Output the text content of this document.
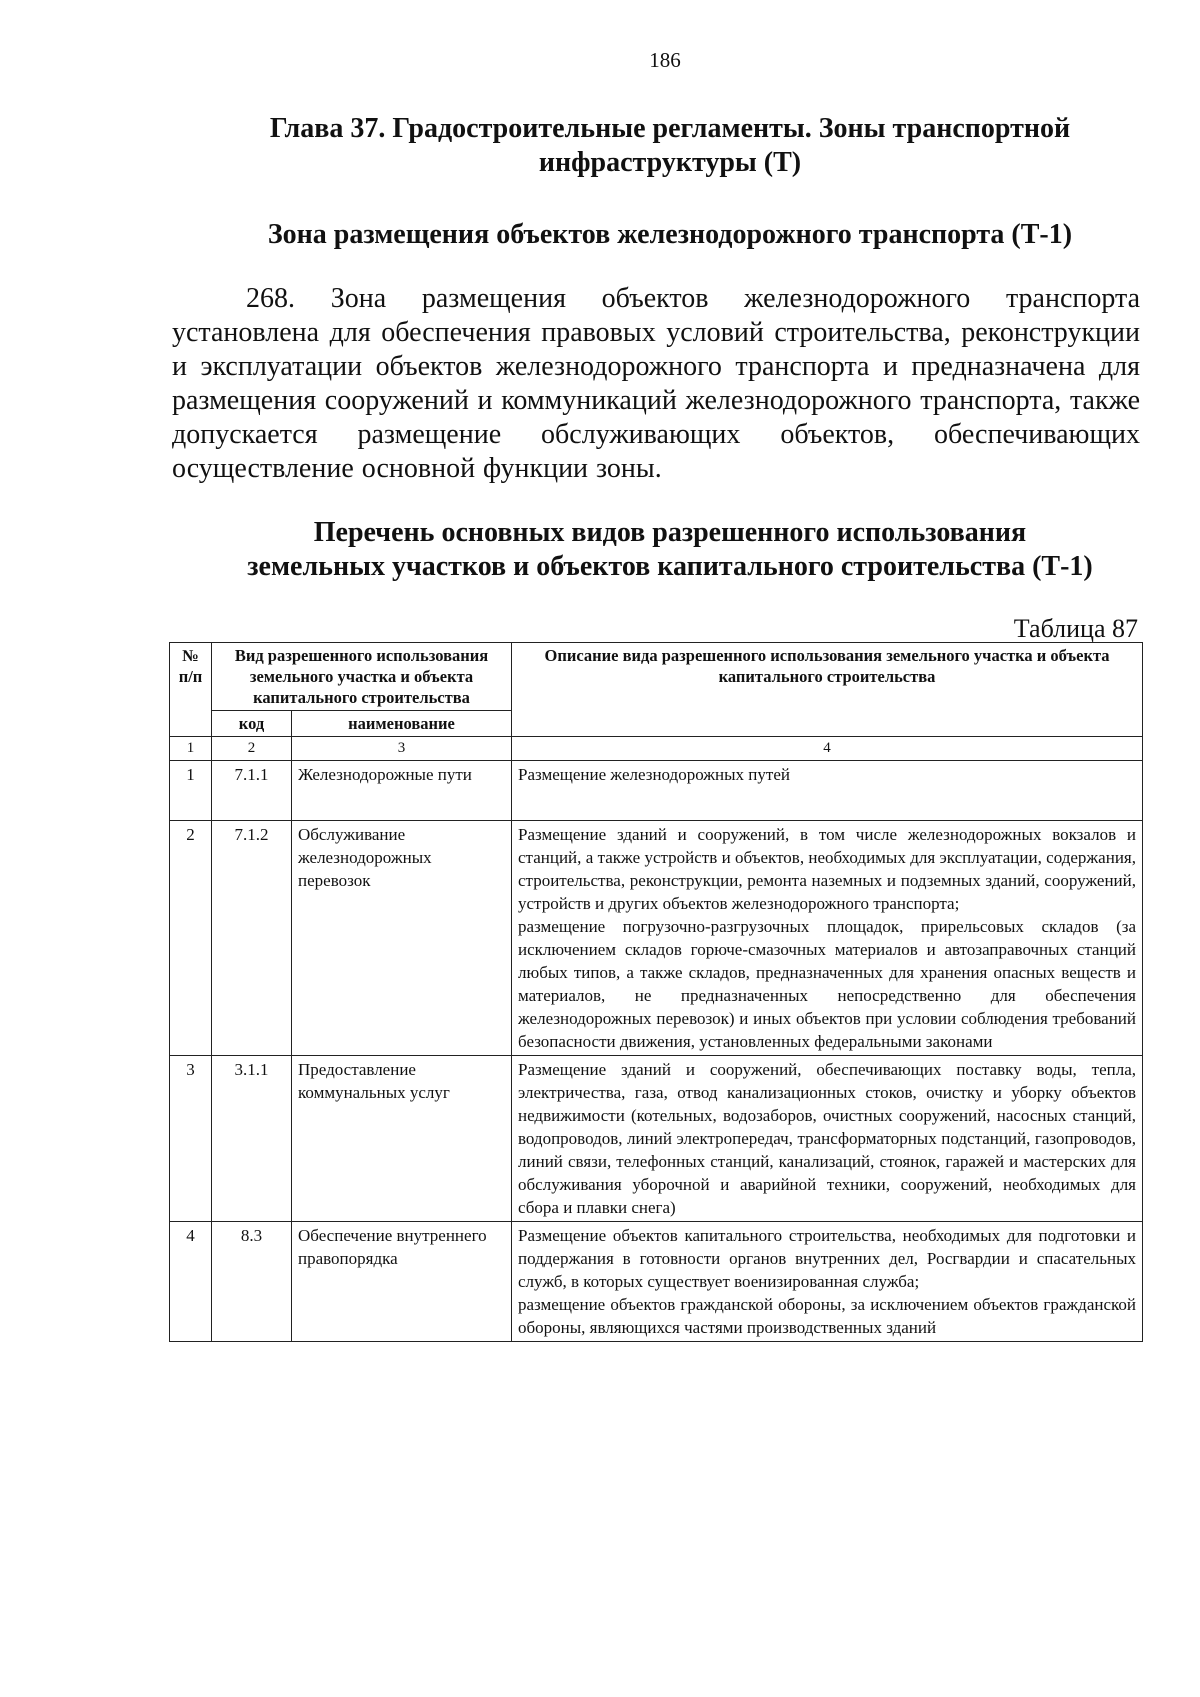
186
Глава 37. Градостроительные регламенты. Зоны транспортной
инфраструктуры (Т)
Зона размещения объектов железнодорожного транспорта (Т-1)

268. Зона размещения объектов железнодорожного транспорта установлена для обеспечения правовых условий строительства, реконструкции и эксплуатации объектов железнодорожного транспорта и предназначена для размещения сооружений и коммуникаций железнодорожного транспорта, также допускается размещение обслуживающих объектов, обеспечивающих осуществление основной функции зоны.

Перечень основных видов разрешенного использования
земельных участков и объектов капитального строительства (Т-1)
Таблица 87
№ п/п	Вид разрешенного использования земельного участка и объекта капитального строительства		Описание вида разрешенного использования земельного участка и объекта капитального строительства
	код	наименование	
1	2	3	4
1	7.1.1	Железнодорожные пути	Размещение железнодорожных путей

2	7.1.2	Обслуживание железнодорожных перевозок	Размещение зданий и сооружений, в том числе железнодорожных вокзалов и станций, а также устройств и объектов, необходимых для эксплуатации, содержания, строительства, реконструкции, ремонта наземных и подземных зданий, сооружений, устройств и других объектов железнодорожного транспорта;
размещение погрузочно-разгрузочных площадок, прирельсовых складов (за исключением складов горюче-смазочных материалов и автозаправочных станций любых типов, а также складов, предназначенных для хранения опасных веществ и материалов, не предназначенных непосредственно для обеспечения железнодорожных перевозок) и иных объектов при условии соблюдения требований безопасности движения, установленных федеральными законами

3	3.1.1	Предоставление коммунальных услуг	Размещение зданий и сооружений, обеспечивающих поставку воды, тепла, электричества, газа, отвод канализационных стоков, очистку и уборку объектов недвижимости (котельных, водозаборов, очистных сооружений, насосных станций, водопроводов, линий электропередач, трансформаторных подстанций, газопроводов, линий связи, телефонных станций, канализаций, стоянок, гаражей и мастерских для обслуживания уборочной и аварийной техники, сооружений, необходимых для сбора и плавки снега)

4	8.3	Обеспечение внутреннего правопорядка	Размещение объектов капитального строительства, необходимых для подготовки и поддержания в готовности органов внутренних дел, Росгвардии и спасательных служб, в которых существует военизированная служба;
размещение объектов гражданской обороны, за исключением объектов гражданской обороны, являющихся частями производственных зданий
